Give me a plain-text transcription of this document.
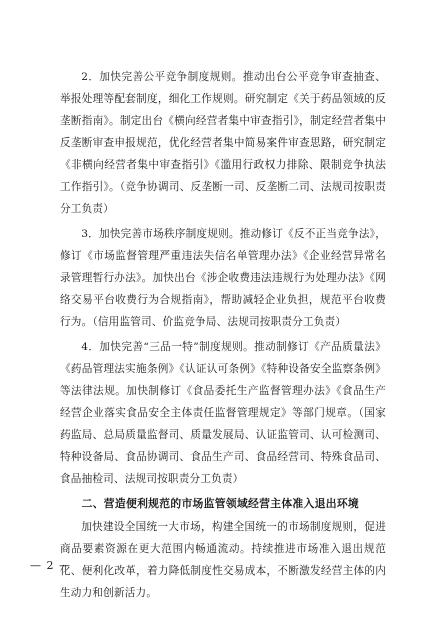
2．加快完善公平竞争制度规则。推动出台公平竞争审查抽查、举报处理等配套制度，细化工作规则。研究制定《关于药品领域的反垄断指南》。制定出台《横向经营者集中审查指引》，制定经营者集中反垄断审查申报规范，优化经营者集中简易案件审查思路，研究制定《非横向经营者集中审查指引》《滥用行政权力排除、限制竞争执法工作指引》。（竞争协调司、反垄断一司、反垄断二司、法规司按职责分工负责）

3．加快完善市场秩序制度规则。推动修订《反不正当竞争法》，修订《市场监督管理严重违法失信名单管理办法》《企业经营异常名录管理暂行办法》。加快出台《涉企收费违法违规行为处理办法》《网络交易平台收费行为合规指南》，帮助减轻企业负担，规范平台收费行为。（信用监管司、价监竞争局、法规司按职责分工负责）

4．加快完善“三品一特”制度规则。推动制修订《产品质量法》《药品管理法实施条例》《认证认可条例》《特种设备安全监察条例》等法律法规。加快制修订《食品委托生产监督管理办法》《食品生产经营企业落实食品安全主体责任监督管理规定》等部门规章。（国家药监局、总局质量监督司、质量发展局、认证监管司、认可检测司、特种设备局、食品协调司、食品生产司、食品经营司、特殊食品司、食品抽检司、法规司按职责分工负责）

二、营造便利规范的市场监管领域经营主体准入退出环境

加快建设全国统一大市场，构建全国统一的市场制度规则，促进商品要素资源在更大范围内畅通流动。持续推进市场准入退出规范化、便利化改革，着力降低制度性交易成本，不断激发经营主体的内生动力和创新活力。

— 2 —
